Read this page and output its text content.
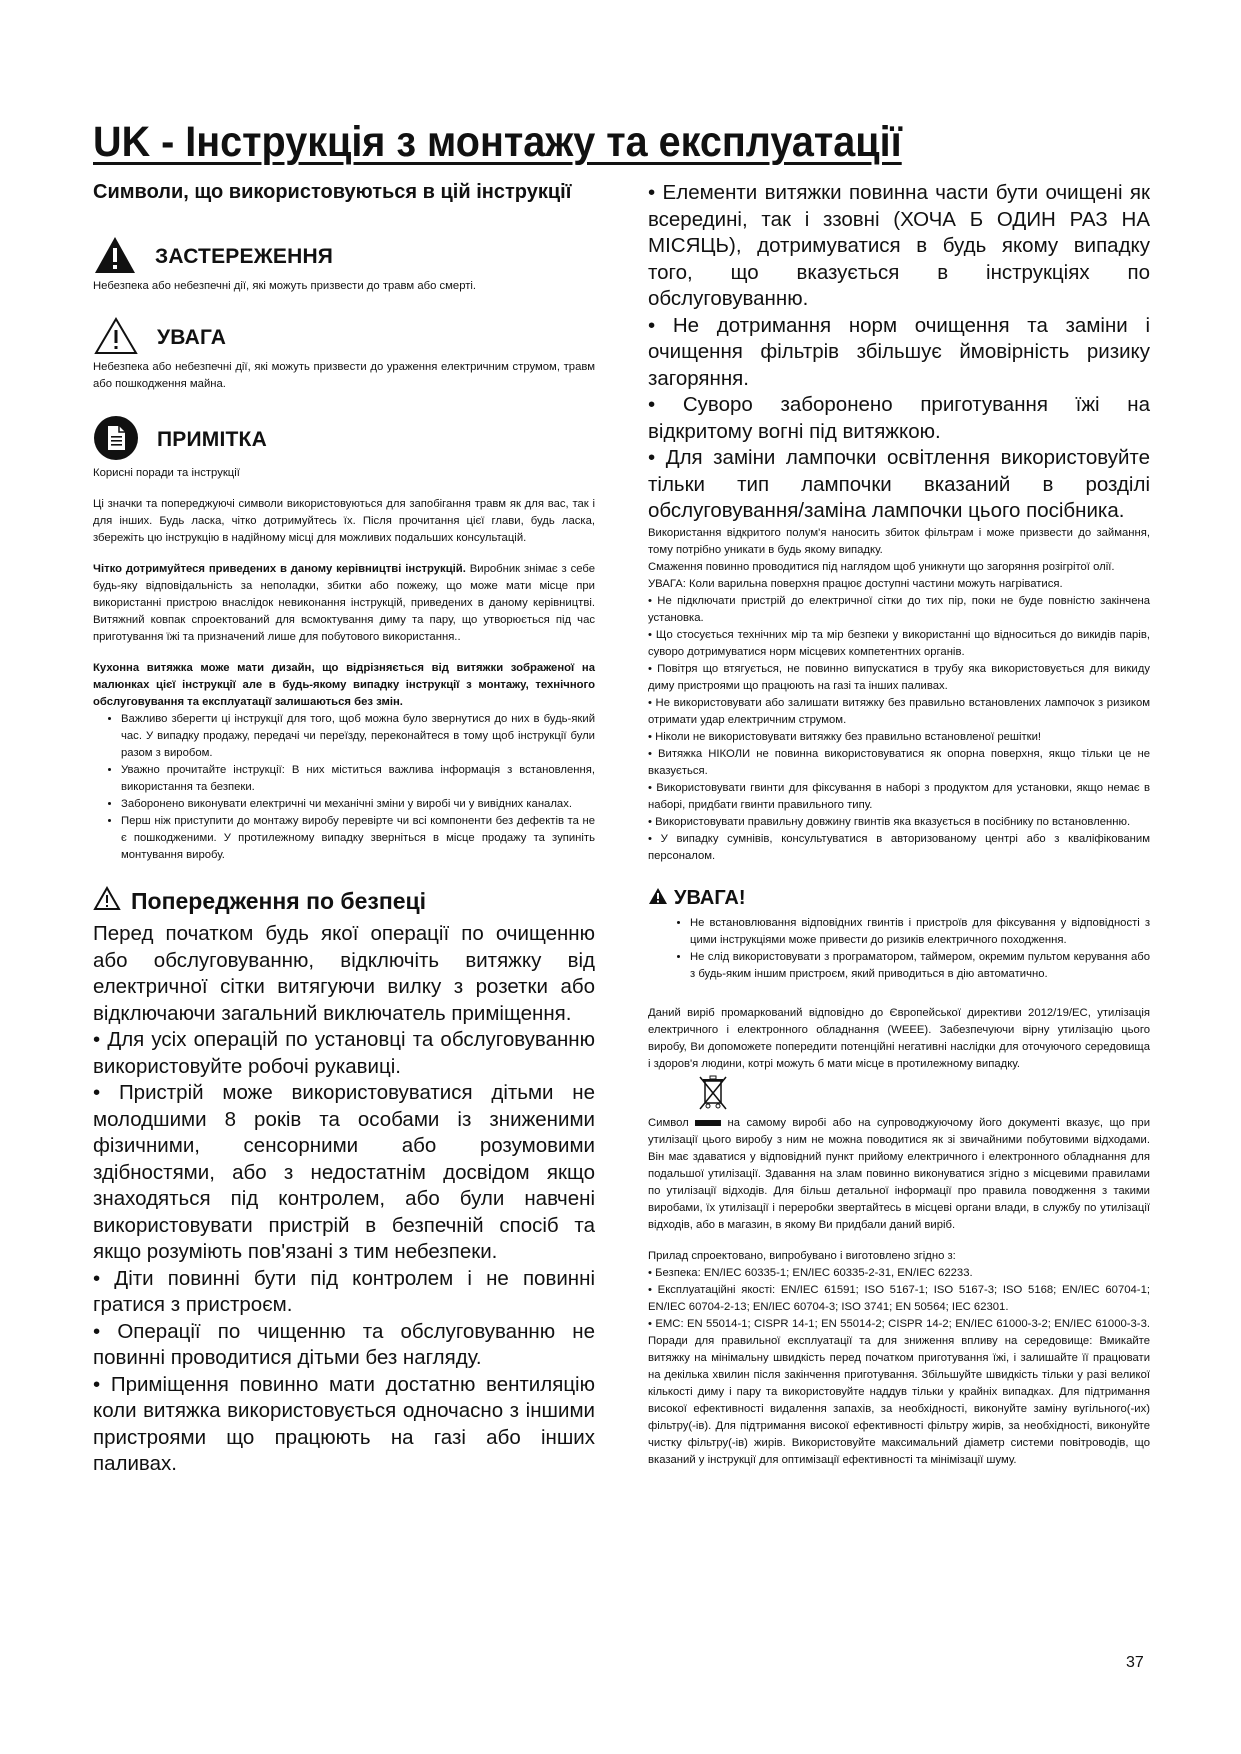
UK - Інструкція з монтажу та експлуатації
Символи, що використовуються в цій інструкції
ЗАСТЕРЕЖЕННЯ

Небезпека або небезпечні дії, які можуть призвести до травм або смерті.

УВАГА

Небезпека або небезпечні дії, які можуть призвести до ураження електричним струмом, травм або пошкодження майна.

ПРИМІТКА

Корисні поради та інструкції

Ці значки та попереджуючі символи використовуються для запобігання травм як для вас, так і для інших. Будь ласка, чітко дотримуйтесь їх. Після прочитання цієї глави, будь ласка, збережіть цю інструкцію в надійному місці для можливих подальших консультацій.

Чітко дотримуйтеся приведених в даному керівництві інструкцій. Виробник знімає з себе будь-яку відповідальність за неполадки, збитки або пожежу, що може мати місце при використанні пристрою внаслідок невиконання інструкцій, приведених в даному керівництві. Витяжний ковпак спроектований для всмоктування диму та пару, що утворюється під час приготування їжі та призначений лише для побутового використання..

Кухонна витяжка може мати дизайн, що відрізняється від витяжки зображеної на малюнках цієї інструкції але в будь-якому випадку інструкції з монтажу, технічного обслуговування та експлуатації залишаються без змін.

• Важливо зберегти ці інструкції для того, щоб можна було звернутися до них в будь-який час. У випадку продажу, передачі чи переїзду, переконайтеся в тому щоб інструкції були разом з виробом.
• Уважно прочитайте інструкції: В них міститься важлива інформація з встановлення, використання та безпеки.
• Заборонено виконувати електричні чи механічні зміни у виробі чи у вивідних каналах.
• Перш ніж приступити до монтажу виробу перевірте чи всі компоненти без дефектів та не є пошкодженими. У протилежному випадку зверніться в місце продажу та зупиніть монтування виробу.
Попередження по безпеці

Перед початком будь якої операції по очищенню або обслуговуванню, відключіть витяжку від електричної сітки витягуючи вилку з розетки або відключаючи загальний виключатель приміщення.

• Для усіх операцій по установці та обслуговуванню використовуйте робочі рукавиці.

• Пристрій може використовуватися дітьми не молодшими 8 років та особами із зниженими фізичними, сенсорними або розумовими здібностями, або з недостатнім досвідом якщо знаходяться під контролем, або були навчені використовувати пристрій в безпечній спосіб та якщо розуміють пов'язані з тим небезпеки.

• Діти повинні бути під контролем і не повинні гратися з пристроєм.

• Операції по чищенню та обслуговуванню не повинні проводитися дітьми без нагляду.

• Приміщення повинно мати достатню вентиляцію коли витяжка використовується одночасно з іншими пристроями що працюють на газі або інших паливах.

• Елементи витяжки повинна части бути очищені як всередині, так і ззовні (ХОЧА Б ОДИН РАЗ НА МІСЯЦЬ), дотримуватися в будь якому випадку того, що вказується в інструкціях по обслуговуванню.

• Не дотримання норм очищення та заміни і очищення фільтрів збільшує ймовірність ризику загоряння.

• Суворо заборонено приготування їжі на відкритому вогні під витяжкою.

• Для заміни лампочки освітлення використовуйте тільки тип лампочки вказаний в розділі обслуговування/заміна лампочки цього посібника.

Використання відкритого полум'я наносить збиток фільтрам і може призвести до займання, тому потрібно уникати в будь якому випадку.

Смаження повинно проводитися під наглядом щоб уникнути що загоряння розігрітої олії.

УВАГА: Коли варильна поверхня працює доступні частини можуть нагріватися.

• Не підключати пристрій до електричної сітки до тих пір, поки не буде повністю закінчена установка.

• Що стосується технічних мір та мір безпеки у використанні що відноситься до викидів парів, суворо дотримуватися норм місцевих компетентних органів.

• Повітря що втягується, не повинно випускатися в трубу яка використовується для викиду диму пристроями що працюють на газі та інших паливах.

• Не використовувати або залишати витяжку без правильно встановлених лампочок з ризиком отримати удар електричним струмом.

• Ніколи не використовувати витяжку без правильно встановленої решітки!

• Витяжка НІКОЛИ не повинна використовуватися як опорна поверхня, якщо тільки це не вказується.

• Використовувати гвинти для фіксування в наборі з продуктом для установки, якщо немає в наборі, придбати гвинти правильного типу.

• Використовувати правильну довжину гвинтів яка вказується в посібнику по встановленню.

• У випадку сумнівів, консультуватися в авторизованому центрі або з кваліфікованим персоналом.

УВАГА!
• Не встановлювання відповідних гвинтів і пристроїв для фіксування у відповідності з цими інструкціями може привести до ризиків електричного походження.
• Не слід використовувати з програматором, таймером, окремим пультом керування або з будь-яким іншим пристроєм, який приводиться в дію автоматично.

Даний виріб промаркований відповідно до Європейської директиви 2012/19/EC, утилізація електричного і електронного обладнання (WEEE). Забезпечуючи вірну утилізацію цього виробу, Ви допоможете попередити потенційні негативні наслідки для оточуючого середовища і здоров'я людини, котрі можуть б мати місце в протилежному випадку.

Символ	на самому виробі або на супроводжуючому його документі вказує, що при утилізації цього виробу з ним не можна поводитися як зі звичайними побутовими відходами. Він має здаватися у відповідний пункт прийому електричного і електронного обладнання для подальшої утилізації. Здавання на злам повинно виконуватися згідно з місцевими правилами по утилізації відходів. Для більш детальної інформації про правила поводження з такими виробами, їх утилізації і переробки звертайтесь в місцеві органи влади, в службу по утилізації відходів, або в магазин, в якому Ви придбали даний виріб.

Прилад спроектовано, випробувано і виготовлено згідно з:

• Безпека: EN/IEC 60335-1; EN/IEC 60335-2-31, EN/IEC 62233.

• Експлуатаційні якості: EN/IEC 61591; ISO 5167-1; ISO 5167-3; ISO 5168; EN/IEC 60704-1; EN/IEC 60704-2-13; EN/IEC 60704-3; ISO 3741; EN 50564; IEC 62301.

• EMC: EN 55014-1; CISPR 14-1; EN 55014-2; CISPR 14-2; EN/IEC 61000-3-2; EN/IEC 61000-3-3. Поради для правильної експлуатації та для зниження впливу на середовище: Вмикайте витяжку на мінімальну швидкість перед початком приготування їжі, і залишайте її працювати на декілька хвилин після закінчення приготування. Збільшуйте швидкість тільки у разі великої кількості диму і пару та використовуйте наддув тільки у крайніх випадках. Для підтримання високої ефективності видалення запахів, за необхідності, виконуйте заміну вугільного(-их) фільтру(-ів). Для підтримання високої ефективності фільтру жирів, за необхідності, виконуйте чистку фільтру(-ів) жирів. Використовуйте максимальний діаметр системи повітроводів, що вказаний у інструкції для оптимізації ефективності та мінімізації шуму.

37
